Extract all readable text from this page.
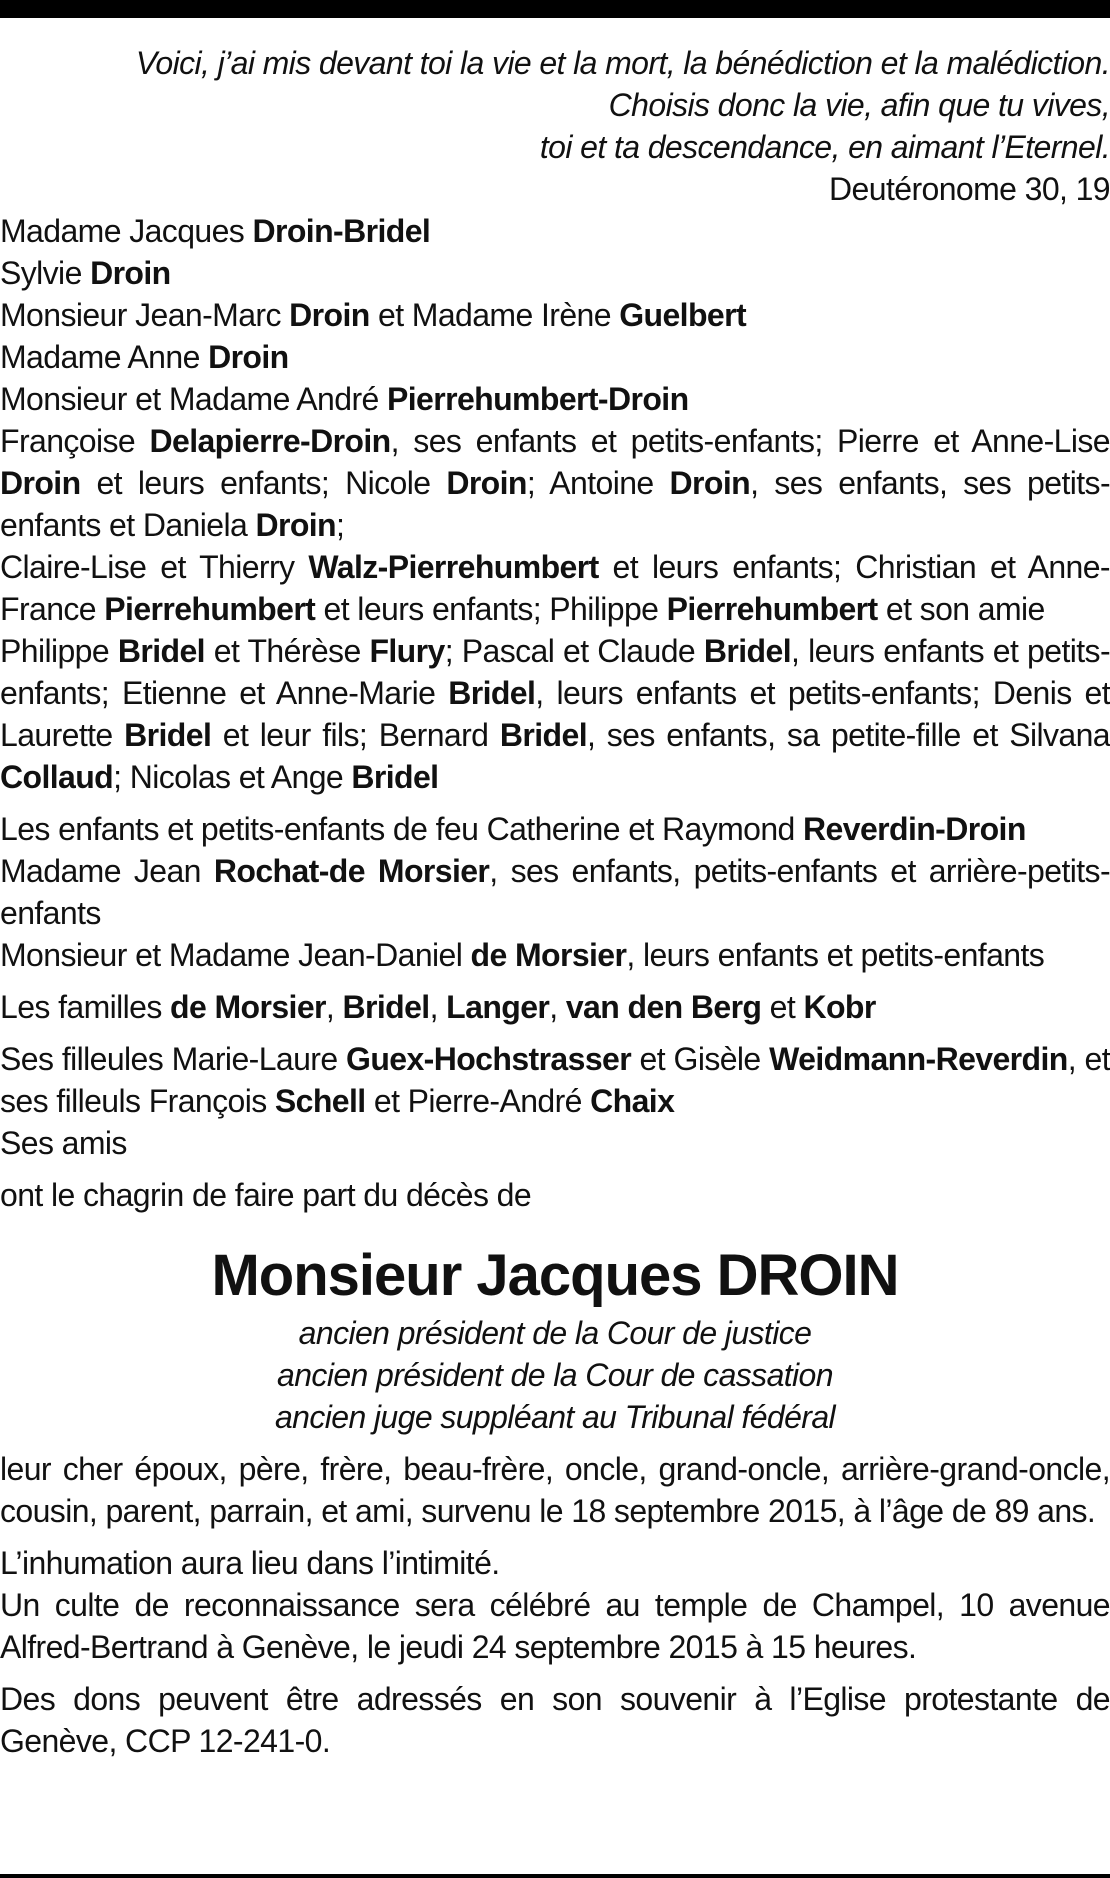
Voici, j’ai mis devant toi la vie et la mort, la bénédiction et la malédiction.

Choisis donc la vie, afin que tu vives,

toi et ta descendance, en aimant l’Eternel.

Deutéronome 30, 19

Madame Jacques Droin-Bridel

Sylvie Droin

Monsieur Jean-Marc Droin et Madame Irène Guelbert

Madame Anne Droin

Monsieur et Madame André Pierrehumbert-Droin

Françoise Delapierre-Droin, ses enfants et petits-enfants; Pierre et Anne-Lise Droin et leurs enfants; Nicole Droin; Antoine Droin, ses enfants, ses petits-enfants et Daniela Droin;

Claire-Lise et Thierry Walz-Pierrehumbert et leurs enfants; Christian et Anne-France Pierrehumbert et leurs enfants; Philippe Pierrehumbert et son amie

Philippe Bridel et Thérèse Flury; Pascal et Claude Bridel, leurs enfants et petits-enfants; Etienne et Anne-Marie Bridel, leurs enfants et petits-enfants; Denis et Laurette Bridel et leur fils; Bernard Bridel, ses enfants, sa petite-fille et Silvana Collaud; Nicolas et Ange Bridel

Les enfants et petits-enfants de feu Catherine et Raymond Reverdin-Droin

Madame Jean Rochat-de Morsier, ses enfants, petits-enfants et arrière-petits-enfants

Monsieur et Madame Jean-Daniel de Morsier, leurs enfants et petits-enfants

Les familles de Morsier, Bridel, Langer, van den Berg et Kobr

Ses filleules Marie-Laure Guex-Hochstrasser et Gisèle Weidmann-Reverdin, et ses filleuls François Schell et Pierre-André Chaix

Ses amis

ont le chagrin de faire part du décès de

Monsieur Jacques DROIN

ancien président de la Cour de justice

ancien président de la Cour de cassation

ancien juge suppléant au Tribunal fédéral

leur cher époux, père, frère, beau-frère, oncle, grand-oncle, arrière-grand-oncle, cousin, parent, parrain, et ami, survenu le 18 septembre 2015, à l’âge de 89 ans.

L’inhumation aura lieu dans l’intimité.

Un culte de reconnaissance sera célébré au temple de Champel, 10 avenue Alfred-Bertrand à Genève, le jeudi 24 septembre 2015 à 15 heures.

Des dons peuvent être adressés en son souvenir à l’Eglise protestante de Genève, CCP 12-241-0.
